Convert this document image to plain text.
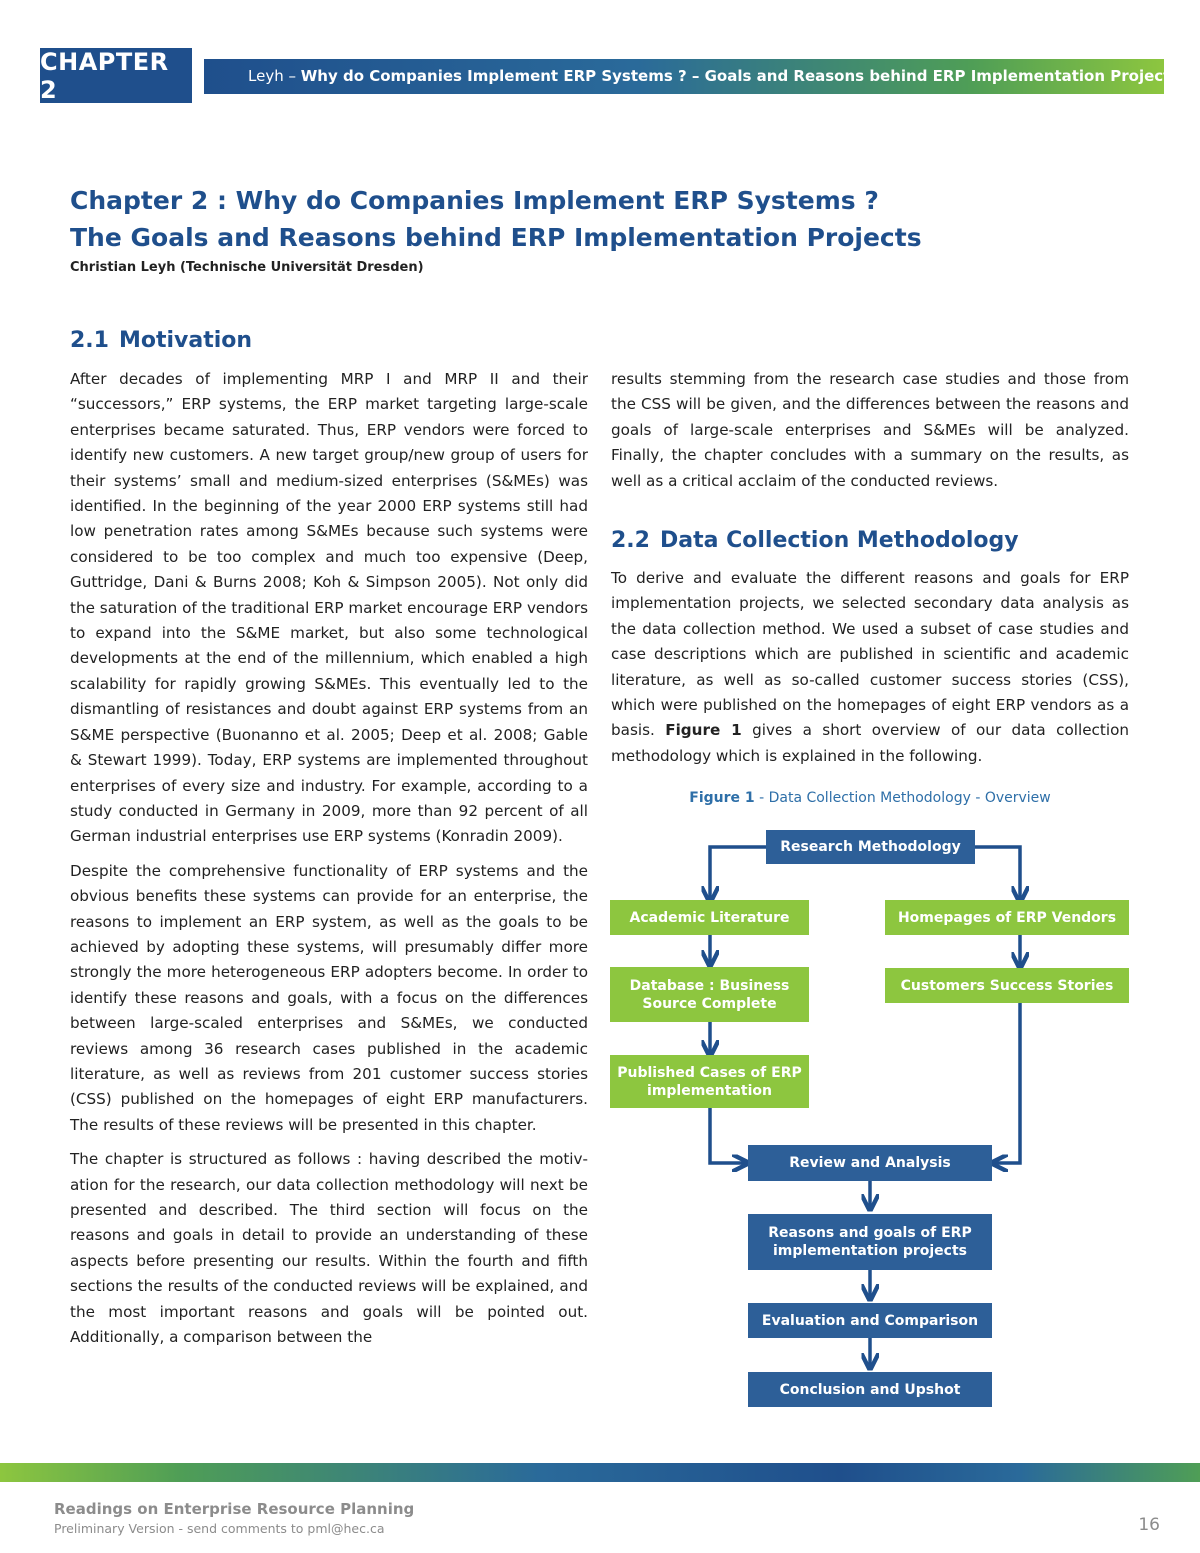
CHAPTER 2	Leyh – Why do Companies Implement ERP Systems ? – Goals and Reasons behind ERP Implementation Projects
Chapter 2 : Why do Companies Implement ERP Systems ?
The Goals and Reasons behind ERP Implementation Projects
Christian Leyh (Technische Universität Dresden)
2.1 Motivation

After decades of implementing MRP I and MRP II and their “successors,” ERP systems, the ERP market targeting large-scale enterprises became saturated. Thus, ERP vendors were forced to identify new customers. A new target group/new group of users for their systems’ small and medium-sized enterprises (S&MEs) was identified. In the beginning of the year 2000 ERP systems still had low penetration rates among S&MEs because such systems were considered to be too complex and much too expensive (Deep, Guttridge, Dani & Burns 2008; Koh & Simpson 2005). Not only did the saturation of the traditional ERP market encourage ERP vendors to expand into the S&ME market, but also some technological developments at the end of the millennium, which enabled a high scalability for rapidly growing S&MEs. This eventually led to the dismantling of resistances and doubt against ERP systems from an S&ME perspective (Buonanno et al. 2005; Deep et al. 2008; Gable & Stewart 1999). Today, ERP systems are implemented throughout enterprises of every size and industry. For example, according to a study conducted in Germany in 2009, more than 92 percent of all German industrial enterprises use ERP systems (Konradin 2009).

Despite the comprehensive functionality of ERP systems and the obvious benefits these systems can provide for an enterprise, the reasons to implement an ERP system, as well as the goals to be achieved by adopting these systems, will presumably differ more strongly the more heterogeneous ERP adopters become. In order to identify these reasons and goals, with a focus on the differences between large-scaled enterprises and S&MEs, we conducted reviews among 36 research cases published in the academic literature, as well as reviews from 201 customer success stories (CSS) published on the homepages of eight ERP manufacturers. The results of these reviews will be presented in this chapter.

The chapter is structured as follows : having described the motivation for the research, our data collection methodology will next be presented and described. The third section will focus on the reasons and goals in detail to provide an understanding of these aspects before presenting our results. Within the fourth and fifth sections the results of the conducted reviews will be explained, and the most important reasons and goals will be pointed out. Additionally, a comparison between the

results stemming from the research case studies and those from the CSS will be given, and the differences between the reasons and goals of large-scale enterprises and S&MEs will be analyzed. Finally, the chapter concludes with a summary on the results, as well as a critical acclaim of the conducted reviews.

2.2 Data Collection Methodology

To derive and evaluate the different reasons and goals for ERP implementation projects, we selected secondary data analysis as the data collection method. We used a subset of case studies and case descriptions which are published in scientific and academic literature, as well as so-called customer success stories (CSS), which were published on the homepages of eight ERP vendors as a basis. Figure 1 gives a short overview of our data collection methodology which is explained in the following.

Figure 1 - Data Collection Methodology - Overview
Research Methodology
Academic Literature	Homepages of ERP Vendors
Database : Business Source Complete
Customers Success Stories
Published Cases of ERP implementation
Review and Analysis
Reasons and goals of ERP implementation projects
Evaluation and Comparison
Conclusion and Upshot
Readings on Enterprise Resource Planning
Preliminary Version - send comments to pml@hec.ca	16
